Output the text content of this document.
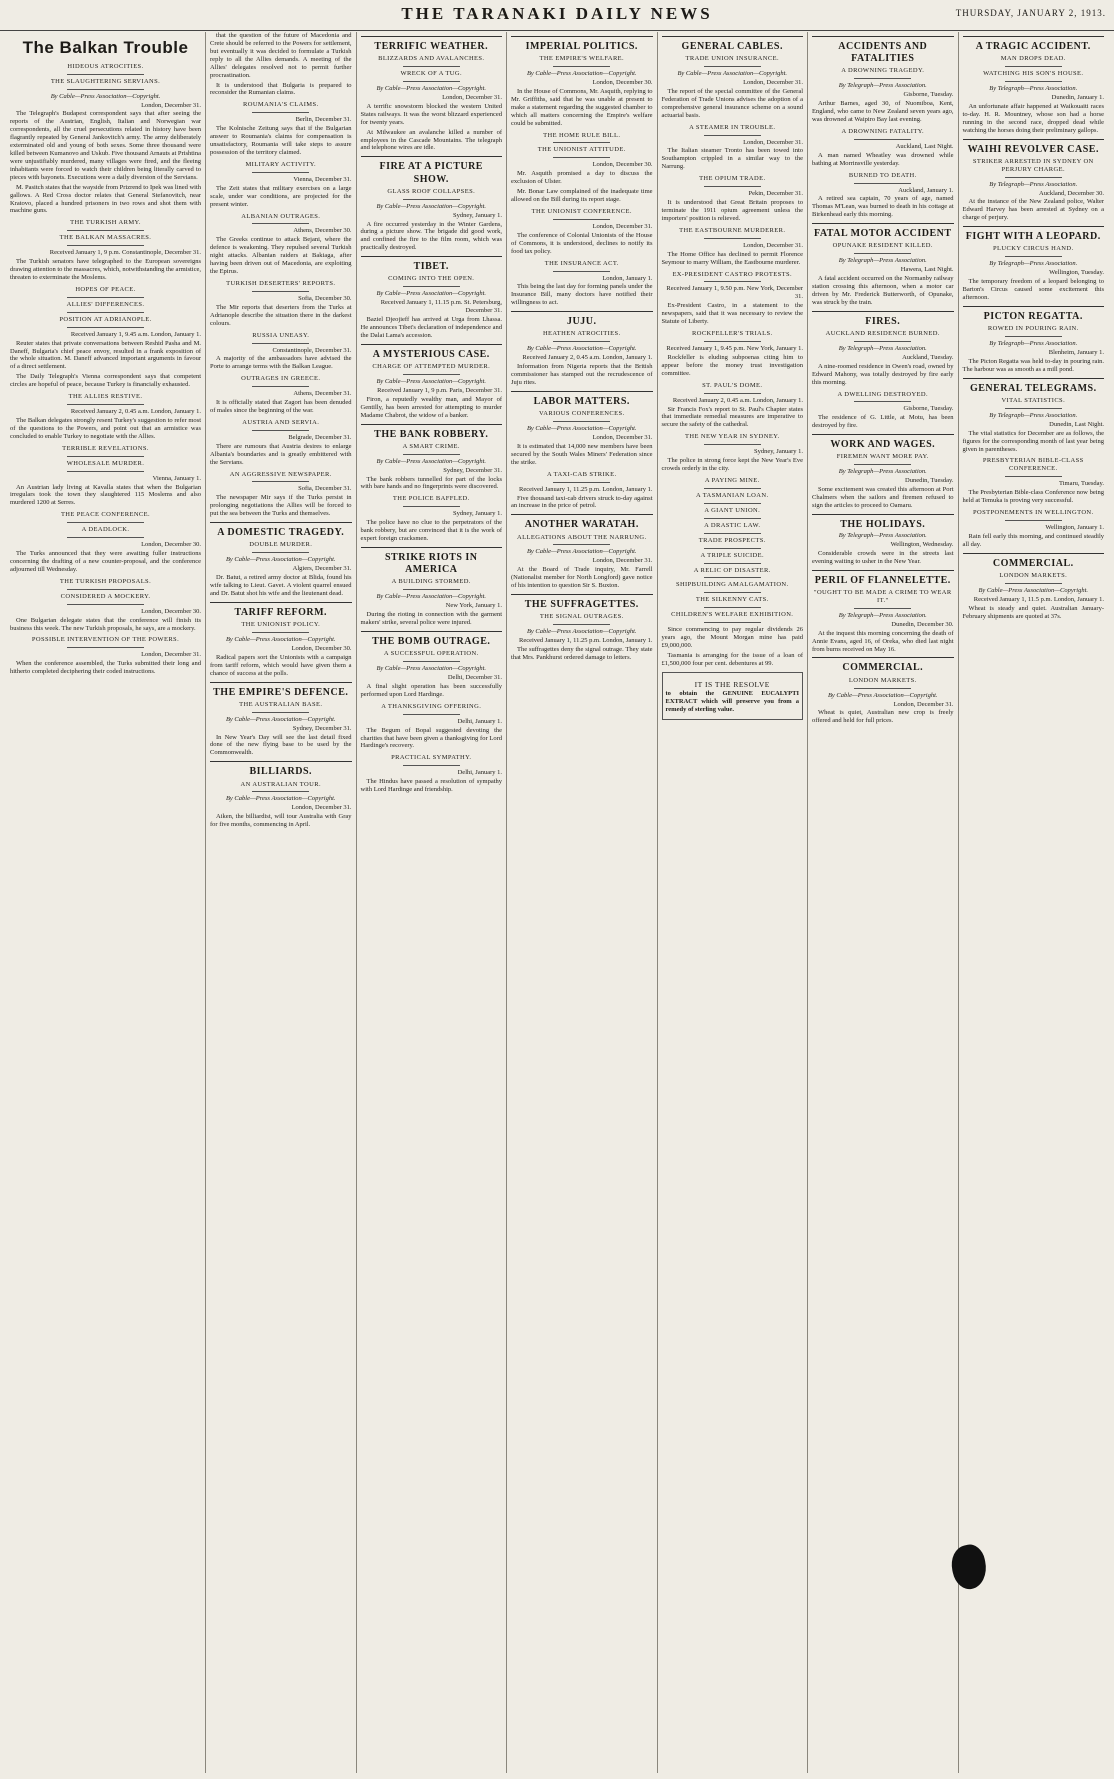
THE TARANAKI DAILY NEWS	THURSDAY, JANUARY 2, 1913.
The Balkan Trouble
HIDEOUS ATROCITIES.
THE SLAUGHTERING SERVIANS.
By Cable—Press Association—Copyright.
London, December 31.

The Telegraph's Budapest correspondent says that after seeing the reports of the Austrian, English, Italian and Norwegian war correspondents, all the cruel persecutions related in history have been flagrantly repeated by General Jankovitch's army. The army deliberately exterminated old and young of both sexes. Some three thousand were killed between Kumanovo and Uskub. Five thousand Arnauts at Prishtina were unjustifiably murdered, many villages were fired, and the fleeing inhabitants were forced to watch their children being literally carved to pieces with bayonets. Executions were a daily diversion of the Servians.

M. Pasitch states that the wayside from Prizrend to Ipek was lined with gallows. A Red Cross doctor relates that General Stefanovitch, near Kratovo, placed a hundred prisoners in two rows and shot them with machine guns.

THE TURKISH ARMY.
THE BALKAN MASSACRES.
Received January 1, 9 p.m. Constantinople, December 31.

The Turkish senators have telegraphed to the European sovereigns drawing attention to the massacres, which, notwithstanding the armistice, threaten to exterminate the Moslems.

HOPES OF PEACE.
ALLIES' DIFFERENCES.
POSITION AT ADRIANOPLE.
Received January 1, 9.45 a.m. London, January 1.

Reuter states that private conversations between Reshid Pasha and M. Daneff, Bulgaria's chief peace envoy, resulted in a frank exposition of the whole situation. M. Daneff advanced important arguments in favour of a direct settlement.

The Daily Telegraph's Vienna correspondent says that competent circles are hopeful of peace, because Turkey is financially exhausted.

THE ALLIES RESTIVE.
Received January 2, 0.45 a.m. London, January 1.

The Balkan delegates strongly resent Turkey's suggestion to refer most of the questions to the Powers, and point out that an armistice was concluded to enable Turkey to negotiate with the Allies.

TERRIBLE REVELATIONS.
WHOLESALE MURDER.
Vienna, January 1.

An Austrian lady living at Kavalla states that when the Bulgarian irregulars took the town they slaughtered 115 Moslems and also murdered 1200 at Serres.

THE PEACE CONFERENCE.
A DEADLOCK.
London, December 30.

The Turks announced that they were awaiting fuller instructions concerning the drafting of a new counter-proposal, and the conference adjourned till Wednesday.

THE TURKISH PROPOSALS.
CONSIDERED A MOCKERY.
London, December 30.

One Bulgarian delegate states that the conference will finish its business this week. The new Turkish proposals, he says, are a mockery.

POSSIBLE INTERVENTION OF THE POWERS.
London, December 31.

When the conference assembled, the Turks submitted their long and hitherto completed deciphering their coded instructions.

that the question of the future of Macedonia and Crete should be referred to the Powers for settlement, but eventually it was decided to formulate a Turkish reply to all the Allies demands. A meeting of the Allies' delegates resolved not to permit further procrastination.

It is understood that Bulgaria is prepared to reconsider the Rumanian claims.

ROUMANIA'S CLAIMS.
Berlin, December 31.

The Kolnische Zeitung says that if the Bulgarian answer to Roumania's claims for compensation is unsatisfactory, Roumania will take steps to assure possession of the territory claimed.

MILITARY ACTIVITY.
Vienna, December 31.

The Zeit states that military exercises on a large scale, under war conditions, are projected for the present winter.

ALBANIAN OUTRAGES.
Athens, December 30.

The Greeks continue to attack Bejani, where the defence is weakening. They repulsed several Turkish night attacks. Albanian raiders at Bakiaga, after having been driven out of Macedonia, are exploiting the Epirus.

TURKISH DESERTERS' REPORTS.
Sofia, December 30.

The Mir reports that deserters from the Turks at Adrianople describe the situation there in the darkest colours.

RUSSIA UNEASY.
Constantinople, December 31.

A majority of the ambassadors have advised the Porte to arrange terms with the Balkan League.

OUTRAGES IN GREECE.
Athens, December 31.

It is officially stated that Zagori has been denuded of males since the beginning of the war.

AUSTRIA AND SERVIA.
Belgrade, December 31.

There are rumours that Austria desires to enlarge Albania's boundaries and is greatly embittered with the Servians.

AN AGGRESSIVE NEWSPAPER.
Sofia, December 31.

The newspaper Mir says if the Turks persist in prolonging negotiations the Allies will be forced to put the sea between the Turks and themselves.

A DOMESTIC TRAGEDY.
DOUBLE MURDER.
By Cable—Press Association—Copyright.
Algiers, December 31.

Dr. Batut, a retired army doctor at Blida, found his wife talking to Lieut. Gavet. A violent quarrel ensued and Dr. Batut shot his wife and the lieutenant dead.

TARIFF REFORM.
THE UNIONIST POLICY.
By Cable—Press Association—Copyright.
London, December 30.

Radical papers sort the Unionists with a campaign from tariff reform, which would have given them a chance of success at the polls.

THE EMPIRE'S DEFENCE.
THE AUSTRALIAN BASE.
By Cable—Press Association—Copyright.
Sydney, December 31.

In New Year's Day will see the last detail fixed done of the new flying base to be used by the Commonwealth.

BILLIARDS.
AN AUSTRALIAN TOUR.
By Cable—Press Association—Copyright.
London, December 31.

Aiken, the billiardist, will tour Australia with Gray for five months, commencing in April.

TERRIFIC WEATHER.
BLIZZARDS AND AVALANCHES.
WRECK OF A TUG.
By Cable—Press Association—Copyright.
London, December 31.

A terrific snowstorm blocked the western United States railways. It was the worst blizzard experienced for twenty years.

At Milwaukee an avalanche killed a number of employees in the Cascade Mountains. The telegraph and telephone wires are idle.

FIRE AT A PICTURE SHOW.
GLASS ROOF COLLAPSES.
By Cable—Press Association—Copyright.
Sydney, January 1.

A fire occurred yesterday in the Winter Gardens, during a picture show. The brigade did good work, and confined the fire to the film room, which was practically destroyed.

TIBET.
COMING INTO THE OPEN.
By Cable—Press Association—Copyright.
Received January 1, 11.15 p.m. St. Petersburg, December 31.

Baziel Djeojieff has arrived at Urga from Lhassa. He announces Tibet's declaration of independence and the Dalai Lama's accession.

A MYSTERIOUS CASE.
CHARGE OF ATTEMPTED MURDER.
By Cable—Press Association—Copyright.
Received January 1, 9 p.m. Paris, December 31.

Firon, a reputedly wealthy man, and Mayor of Gentilly, has been arrested for attempting to murder Madame Chabrot, the widow of a banker.

THE BANK ROBBERY.
A SMART CRIME.
By Cable—Press Association—Copyright.
Sydney, December 31.

The bank robbers tunnelled for part of the locks with bare hands and no fingerprints were discovered.

THE POLICE BAFFLED.
Sydney, January 1.

The police have no clue to the perpetrators of the bank robbery, but are convinced that it is the work of expert foreign cracksmen.

STRIKE RIOTS IN AMERICA
A BUILDING STORMED.
By Cable—Press Association—Copyright.
New York, January 1.

During the rioting in connection with the garment makers' strike, several police were injured.

THE BOMB OUTRAGE.
A SUCCESSFUL OPERATION.
By Cable—Press Association—Copyright.
Delhi, December 31.

A final slight operation has been successfully performed upon Lord Hardinge.

A THANKSGIVING OFFERING.
Delhi, January 1.

The Begum of Bopal suggested devoting the charities that have been given a thanksgiving for Lord Hardinge's recovery.

PRACTICAL SYMPATHY.
Delhi, January 1.

The Hindus have passed a resolution of sympathy with Lord Hardinge and friendship.

IMPERIAL POLITICS.
THE EMPIRE'S WELFARE.
By Cable—Press Association—Copyright.
London, December 30.

In the House of Commons, Mr. Asquith, replying to Mr. Griffiths, said that he was unable at present to make a statement regarding the suggested chamber to which all matters concerning the Empire's welfare could be submitted.

THE HOME RULE BILL.
THE UNIONIST ATTITUDE.
London, December 30.

Mr. Asquith promised a day to discuss the exclusion of Ulster.

Mr. Bonar Law complained of the inadequate time allowed on the Bill during its report stage.

THE UNIONIST CONFERENCE.
London, December 31.

The conference of Colonial Unionists of the House of Commons, it is understood, declines to notify its food tax policy.

THE INSURANCE ACT.
London, January 1.

This being the last day for forming panels under the Insurance Bill, many doctors have notified their willingness to act.

JUJU.
HEATHEN ATROCITIES.
By Cable—Press Association—Copyright.
Received January 2, 0.45 a.m. London, January 1.

Information from Nigeria reports that the British commissioner has stamped out the recrudescence of Juju rites.

LABOR MATTERS.
VARIOUS CONFERENCES.
By Cable—Press Association—Copyright.
London, December 31.

It is estimated that 14,000 new members have been secured by the South Wales Miners' Federation since the strike.

A TAXI-CAB STRIKE.
Received January 1, 11.25 p.m. London, January 1.

Five thousand taxi-cab drivers struck to-day against an increase in the price of petrol.

ANOTHER WARATAH.
ALLEGATIONS ABOUT THE NARRUNG.
By Cable—Press Association—Copyright.
London, December 31.

At the Board of Trade inquiry, Mr. Farrell (Nationalist member for North Longford) gave notice of his intention to question Sir S. Buxton.

THE SUFFRAGETTES.
THE SIGNAL OUTRAGES.
By Cable—Press Association—Copyright.
Received January 1, 11.25 p.m. London, January 1.

The suffragettes deny the signal outrage. They state that Mrs. Pankhurst ordered damage to letters.

GENERAL CABLES.
TRADE UNION INSURANCE.
By Cable—Press Association—Copyright.
London, December 31.

The report of the special committee of the General Federation of Trade Unions advises the adoption of a comprehensive general insurance scheme on a sound actuarial basis.

A STEAMER IN TROUBLE.
London, December 31.

The Italian steamer Tronto has been towed into Southampton crippled in a similar way to the Narrung.

THE OPIUM TRADE.
Pekin, December 31.

It is understood that Great Britain proposes to terminate the 1911 opium agreement unless the importers' position is relieved.

THE EASTBOURNE MURDERER.
London, December 31.

The Home Office has declined to permit Florence Seymour to marry William, the Eastbourne murderer.

EX-PRESIDENT CASTRO PROTESTS.
Received January 1, 9.50 p.m. New York, December 31.

Ex-President Castro, in a statement to the newspapers, said that it was necessary to review the Statute of Liberty.

ROCKFELLER'S TRIALS.
Received January 1, 9.45 p.m. New York, January 1.

Rockfeller is eluding subpoenas citing him to appear before the money trust investigation committee.

ST. PAUL'S DOME.
Received January 2, 0.45 a.m. London, January 1.

Sir Francis Fox's report to St. Paul's Chapter states that immediate remedial measures are imperative to secure the safety of the cathedral.

THE NEW YEAR IN SYDNEY.
Sydney, January 1.

The police in strong force kept the New Year's Eve crowds orderly in the city.

A PAYING MINE.
A TASMANIAN LOAN.
A GIANT UNION.
A DRASTIC LAW.
TRADE PROSPECTS.
A TRIPLE SUICIDE.
A RELIC OF DISASTER.
SHIPBUILDING AMALGAMATION.
THE SILKENNY CATS.
CHILDREN'S WELFARE EXHIBITION.

Since commencing to pay regular dividends 26 years ago, the Mount Morgan mine has paid £9,000,000.

Tasmania is arranging for the issue of a loan of £1,500,000 four per cent. debentures at 99.

IT IS THE RESOLVE

to obtain the GENUINE EUCALYPTI EXTRACT which will preserve you from a remedy of sterling value.

ACCIDENTS AND FATALITIES
A DROWNING TRAGEDY.
By Telegraph—Press Association.
Gisborne, Tuesday.

Arthur Barnes, aged 30, of Nuomiboa, Kent, England, who came to New Zealand seven years ago, was drowned at Waipiro Bay last evening.

A DROWNING FATALITY.
Auckland, Last Night.

A man named Wheatley was drowned while bathing at Morrinsville yesterday.

BURNED TO DEATH.
Auckland, January 1.

A retired sea captain, 70 years of age, named Thomas M'Lean, was burned to death in his cottage at Birkenhead early this morning.

FATAL MOTOR ACCIDENT
OPUNAKE RESIDENT KILLED.
By Telegraph—Press Association.
Hawera, Last Night.

A fatal accident occurred on the Normanby railway station crossing this afternoon, when a motor car driven by Mr. Frederick Butterworth, of Opunake, was struck by the train.

FIRES.
AUCKLAND RESIDENCE BURNED.
By Telegraph—Press Association.
Auckland, Tuesday.

A nine-roomed residence in Owen's road, owned by Edward Mahony, was totally destroyed by fire early this morning.

A DWELLING DESTROYED.
Gisborne, Tuesday.

The residence of G. Little, at Motu, has been destroyed by fire.

WORK AND WAGES.
FIREMEN WANT MORE PAY.
By Telegraph—Press Association.
Dunedin, Tuesday.

Some excitement was created this afternoon at Port Chalmers when the sailors and firemen refused to sign the articles to proceed to Oamaru.

THE HOLIDAYS.
By Telegraph—Press Association.
Wellington, Wednesday.

Considerable crowds were in the streets last evening waiting to usher in the New Year.

PERIL OF FLANNELETTE.
"OUGHT TO BE MADE A CRIME TO WEAR IT."
By Telegraph—Press Association.
Dunedin, December 30.

At the inquest this morning concerning the death of Annie Evans, aged 16, of Oreka, who died last night from burns received on May 16.

COMMERCIAL.
LONDON MARKETS.
By Cable—Press Association—Copyright.
London, December 31.

Wheat is quiet, Australian new crop is freely offered and held for full prices.

A TRAGIC ACCIDENT.
MAN DROPS DEAD.
WATCHING HIS SON'S HOUSE.
By Telegraph—Press Association.
Dunedin, January 1.

An unfortunate affair happened at Waikouaiti races to-day. H. R. Mountney, whose son had a horse running in the second race, dropped dead while watching the horses doing their preliminary gallops.

WAIHI REVOLVER CASE.
STRIKER ARRESTED IN SYDNEY ON PERJURY CHARGE.
By Telegraph—Press Association.
Auckland, December 30.

At the instance of the New Zealand police, Walter Edward Harvey has been arrested at Sydney on a charge of perjury.

FIGHT WITH A LEOPARD.
PLUCKY CIRCUS HAND.
By Telegraph—Press Association.
Wellington, Tuesday.

The temporary freedom of a leopard belonging to Barton's Circus caused some excitement this afternoon.

PICTON REGATTA.
ROWED IN POURING RAIN.
By Telegraph—Press Association.
Blenheim, January 1.

The Picton Regatta was held to-day in pouring rain. The harbour was as smooth as a mill pond.

GENERAL TELEGRAMS.
VITAL STATISTICS.
By Telegraph—Press Association.
Dunedin, Last Night.

The vital statistics for December are as follows, the figures for the corresponding month of last year being given in parentheses.

PRESBYTERIAN BIBLE-CLASS CONFERENCE.
Timaru, Tuesday.

The Presbyterian Bible-class Conference now being held at Temuka is proving very successful.

POSTPONEMENTS IN WELLINGTON.
Wellington, January 1.

Rain fell early this morning, and continued steadily all day.

COMMERCIAL.
LONDON MARKETS.
By Cable—Press Association—Copyright.
Received January 1, 11.5 p.m. London, January 1.

Wheat is steady and quiet. Australian January-February shipments are quoted at 37s.
